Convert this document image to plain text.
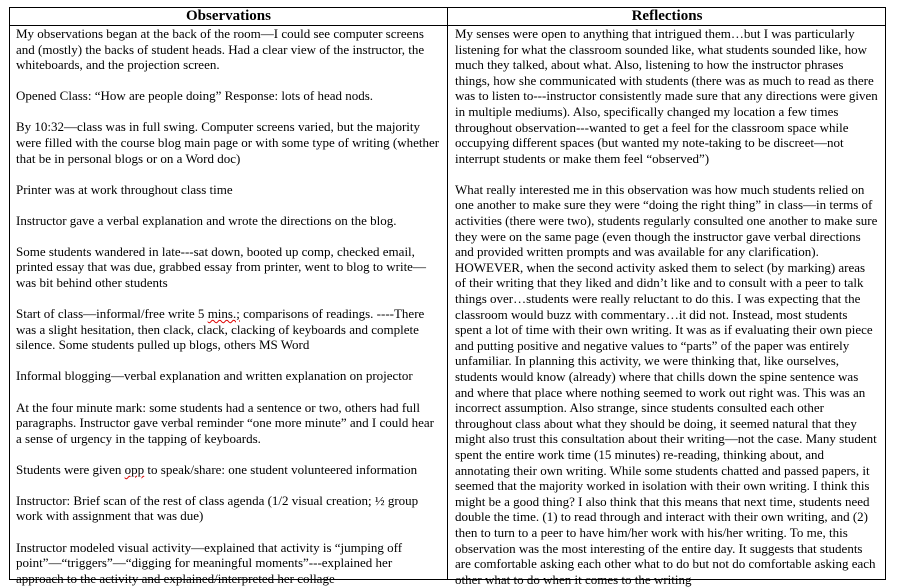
Observations	Reflections

My observations began at the back of the room—I could see computer screens and (mostly) the backs of student heads. Had a clear view of the instructor, the whiteboards, and the projection screen.

Opened Class: “How are people doing” Response: lots of head nods.

By 10:32—class was in full swing. Computer screens varied, but the majority were filled with the course blog main page or with some type of writing (whether that be in personal blogs or on a Word doc)

Printer was at work throughout class time

Instructor gave a verbal explanation and wrote the directions on the blog.

Some students wandered in late---sat down, booted up comp, checked email, printed essay that was due, grabbed essay from printer, went to blog to write—was bit behind other students

Start of class—informal/free write 5 mins.; comparisons of readings. ----There was a slight hesitation, then clack, clack, clacking of keyboards and complete silence. Some students pulled up blogs, others MS Word

Informal blogging—verbal explanation and written explanation on projector

At the four minute mark: some students had a sentence or two, others had full paragraphs. Instructor gave verbal reminder “one more minute” and I could hear a sense of urgency in the tapping of keyboards.

Students were given opp to speak/share: one student volunteered information

Instructor: Brief scan of the rest of class agenda (1/2 visual creation; ½ group work with assignment that was due)

Instructor modeled visual activity—explained that activity is “jumping off point”—“triggers”—“digging for meaningful moments”---explained her approach to the activity and explained/interpreted her collage

My senses were open to anything that intrigued them…but I was particularly listening for what the classroom sounded like, what students sounded like, how much they talked, about what. Also, listening to how the instructor phrases things, how she communicated with students (there was as much to read as there was to listen to---instructor consistently made sure that any directions were given in multiple mediums). Also, specifically changed my location a few times throughout observation---wanted to get a feel for the classroom space while occupying different spaces (but wanted my note-taking to be discreet—not interrupt students or make them feel “observed”)

What really interested me in this observation was how much students relied on one another to make sure they were “doing the right thing” in class—in terms of activities (there were two), students regularly consulted one another to make sure they were on the same page (even though the instructor gave verbal directions and provided written prompts and was available for any clarification). HOWEVER, when the second activity asked them to select (by marking) areas of their writing that they liked and didn’t like and to consult with a peer to talk things over…students were really reluctant to do this. I was expecting that the classroom would buzz with commentary…it did not. Instead, most students spent a lot of time with their own writing. It was as if evaluating their own piece and putting positive and negative values to “parts” of the paper was entirely unfamiliar. In planning this activity, we were thinking that, like ourselves, students would know (already) where that chills down the spine sentence was and where that place where nothing seemed to work out right was. This was an incorrect assumption. Also strange, since students consulted each other throughout class about what they should be doing, it seemed natural that they might also trust this consultation about their writing—not the case. Many student spent the entire work time (15 minutes) re-reading, thinking about, and annotating their own writing. While some students chatted and passed papers, it seemed that the majority worked in isolation with their own writing. I think this might be a good thing? I also think that this means that next time, students need double the time. (1) to read through and interact with their own writing, and (2) then to turn to a peer to have him/her work with his/her writing. To me, this observation was the most interesting of the entire day. It suggests that students are comfortable asking each other what to do but not do comfortable asking each other what to do when it comes to the writing
